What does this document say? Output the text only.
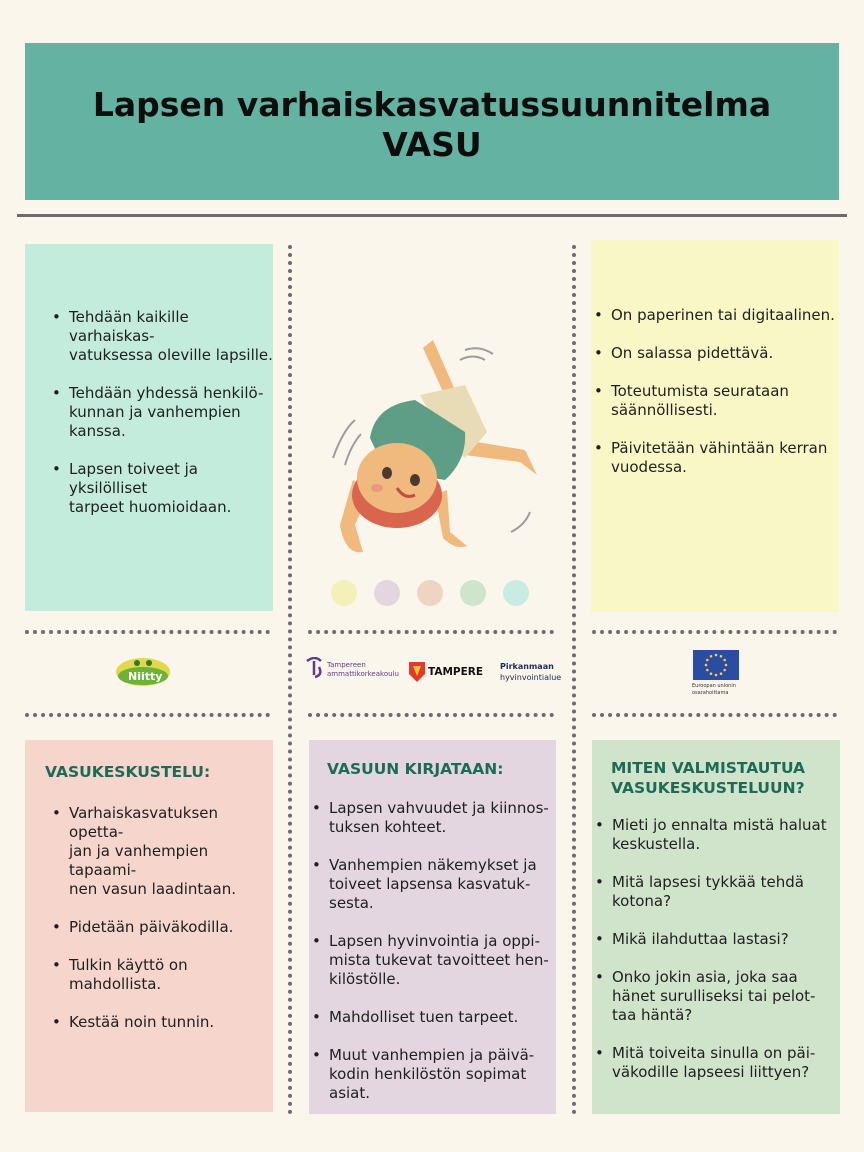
Lapsen varhaiskasvatussuunnitelma
VASU
• Tehdään kaikille varhaiskas-
vatuksessa oleville lapsille.
• Tehdään yhdessä henkilö-
kunnan ja vanhempien
kanssa.
• Lapsen toiveet ja yksilölliset
tarpeet huomioidaan.
• On paperinen tai digitaalinen.
• On salassa pidettävä.
• Toteutumista seurataan
säännöllisesti.
• Päivitetään vähintään kerran
vuodessa.
Niitty
Tampereen
ammattikorkeakoulu	TAMPERE Pirkanmaan
hyvinvointialue
Euroopan unionin
osarahoittama

VASUKESKUSTELU:

• Varhaiskasvatuksen opetta-
jan ja vanhempien tapaami-
nen vasun laadintaan.
• Pidetään päiväkodilla.
• Tulkin käyttö on mahdollista.
• Kestää noin tunnin.

VASUUN KIRJATAAN:

• Lapsen vahvuudet ja kiinnos-
tuksen kohteet.
• Vanhempien näkemykset ja
toiveet lapsensa kasvatuk-
sesta.
• Lapsen hyvinvointia ja oppi-
mista tukevat tavoitteet hen-
kilöstölle.
• Mahdolliset tuen tarpeet.
• Muut vanhempien ja päivä-
kodin henkilöstön sopimat
asiat.

MITEN VALMISTAUTUA

VASUKESKUSTELUUN?

• Mieti jo ennalta mistä haluat
keskustella.
• Mitä lapsesi tykkää tehdä
kotona?
• Mikä ilahduttaa lastasi?
• Onko jokin asia, joka saa
hänet surulliseksi tai pelot-
taa häntä?
• Mitä toiveita sinulla on päi-
väkodille lapseesi liittyen?
